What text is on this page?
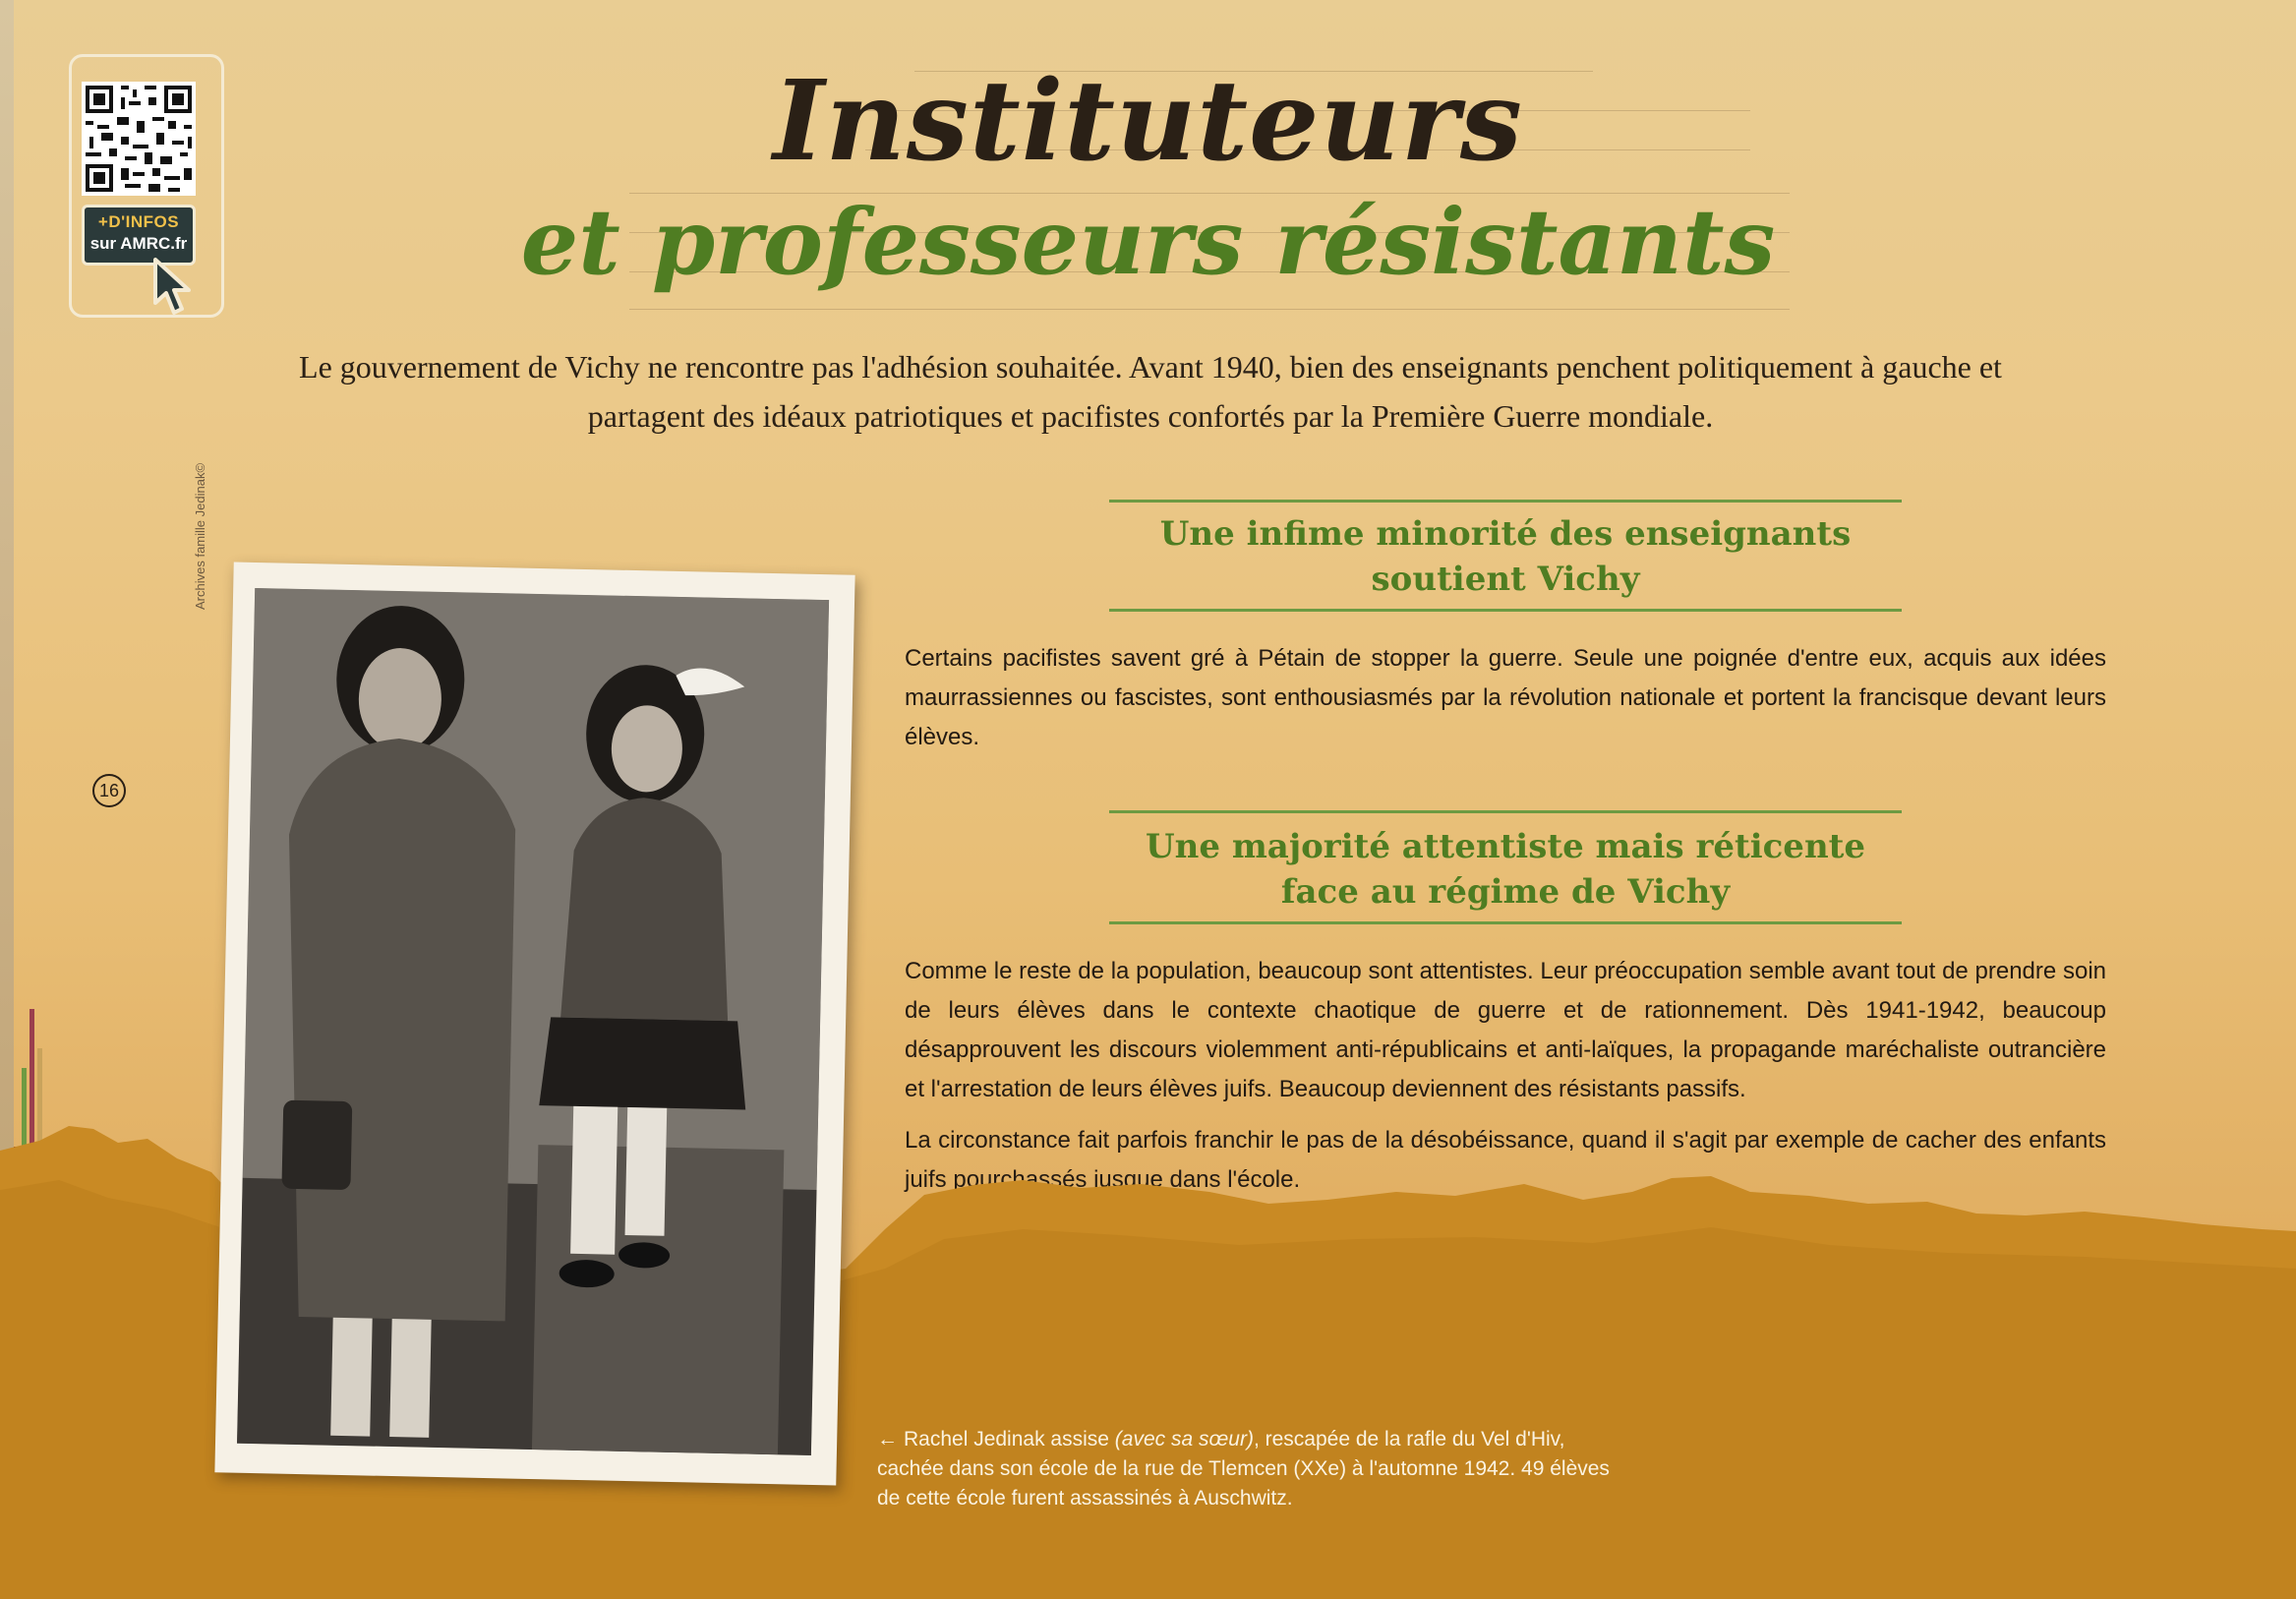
+D'INFOS
sur AMRC.fr
Instituteurs
et professeurs résistants

Le gouvernement de Vichy ne rencontre pas l'adhésion souhaitée. Avant 1940, bien des enseignants penchent politiquement à gauche et partagent des idéaux patriotiques et pacifistes confortés par la Première Guerre mondiale.

Une infime minorité des enseignants soutient Vichy

Certains pacifistes savent gré à Pétain de stopper la guerre. Seule une poignée d'entre eux, acquis aux idées maurrassiennes ou fascistes, sont enthousiasmés par la révolution nationale et portent la francisque devant leurs élèves.

Une majorité attentiste mais réticente face au régime de Vichy

Comme le reste de la population, beaucoup sont attentistes. Leur préoccupation semble avant tout de prendre soin de leurs élèves dans le contexte chaotique de guerre et de rationnement. Dès 1941-1942, beaucoup désapprouvent les discours violemment anti-républicains et anti-laïques, la propagande maréchaliste outrancière et l'arrestation de leurs élèves juifs. Beaucoup deviennent des résistants passifs.

La circonstance fait parfois franchir le pas de la désobéissance, quand il s'agit par exemple de cacher des enfants juifs pourchassés jusque dans l'école.

Archives famille Jedinak©
16

← Rachel Jedinak assise (avec sa sœur), rescapée de la rafle du Vel d'Hiv, cachée dans son école de la rue de Tlemcen (XXe) à l'automne 1942. 49 élèves de cette école furent assassinés à Auschwitz.
